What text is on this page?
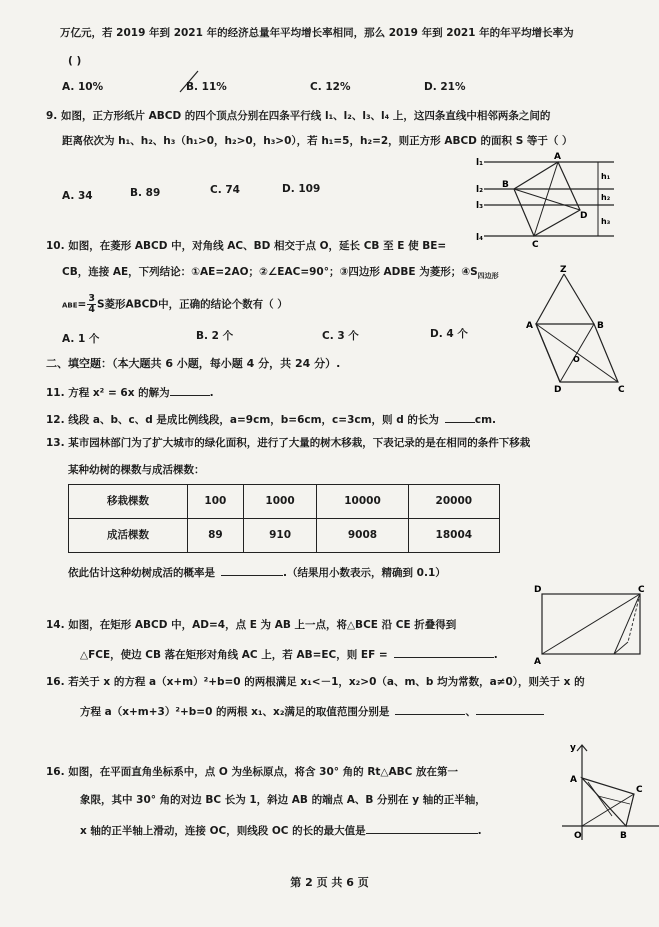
万亿元，若 2019 年到 2021 年的经济总量年平均增长率相同，那么 2019 年到 2021 年的年平均增长率为
( )
A. 10%	B. 11%	C. 12%	D. 21%
9. 如图，正方形纸片 ABCD 的四个顶点分别在四条平行线 l₁、l₂、l₃、l₄ 上，这四条直线中相邻两条之间的
距离依次为 h₁、h₂、h₃（h₁>0，h₂>0，h₃>0），若 h₁=5，h₂=2，则正方形 ABCD 的面积 S 等于（ ）
A. 34	B. 89	C. 74	D. 109
l₁
l₂
l₃
l₄
A
B
D
C
h₁
h₂
h₃
10. 如图，在菱形 ABCD 中，对角线 AC、BD 相交于点 O，延长 CB 至 E 使 BE=
CB，连接 AE，下列结论：①AE=2AO；②∠EAC=90°；③四边形 ADBE 为菱形；$④S_{四边形}$
$ABE= \frac{3}{4}$ S菱形ABCD中，正确的结论个数有（ ）
A. 1 个	B. 2 个	C. 3 个	D. 4 个
Z
A	B
O
D	C
二、填空题：（本大题共 6 小题，每小题 4 分，共 24 分）.
11. 方程 x² = 6x 的解为	.
12. 线段 a、b、c、d 是成比例线段，a=9cm，b=6cm，c=3cm，则 d 的长为	cm.
13. 某市园林部门为了扩大城市的绿化面积，进行了大量的树木移栽，下表记录的是在相同的条件下移栽
某种幼树的棵数与成活棵数：
移栽棵数	100	1000	10000	20000
成活棵数	89	910	9008	18004
依此估计这种幼树成活的概率是	.（结果用小数表示，精确到 0.1）
14. 如图，在矩形 ABCD 中，AD=4，点 E 为 AB 上一点，将△BCE 沿 CE 折叠得到
△FCE，使边 CB 落在矩形对角线 AC 上，若 AB=EC，则 EF =	.
D	C
A
16. 若关于 x 的方程 a（x+m）²+b=0 的两根满足 x₁<－1，x₂>0（a、m、b 均为常数，a≠0），则关于 x 的
方程 a（x+m+3）²+b=0 的两根 x₁、x₂满足的取值范围分别是	、
16. 如图，在平面直角坐标系中，点 O 为坐标原点，将含 30° 角的 Rt△ABC 放在第一
象限，其中 30° 角的对边 BC 长为 1，斜边 AB 的端点 A、B 分别在 y 轴的正半轴，
x 轴的正半轴上滑动，连接 OC，则线段 OC 的长的最大值是	.
y
A
C
O	B
第 2 页 共 6 页
